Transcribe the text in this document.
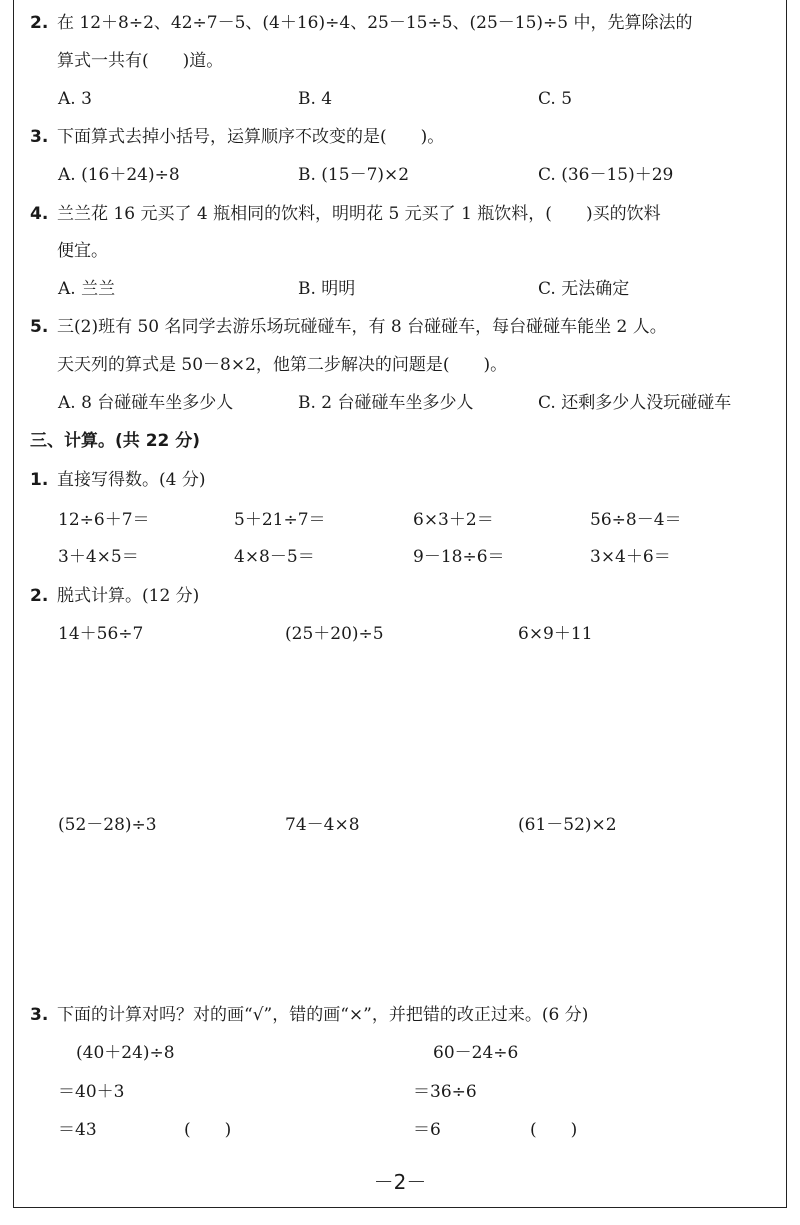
2. 在 12＋8÷2、42÷7－5、(4＋16)÷4、25－15÷5、(25－15)÷5 中，先算除法的
算式一共有(　　)道。
A. 3	B. 4	C. 5
3. 下面算式去掉小括号，运算顺序不改变的是(　　)。
A. (16＋24)÷8	B. (15－7)×2	C. (36－15)＋29
4. 兰兰花 16 元买了 4 瓶相同的饮料，明明花 5 元买了 1 瓶饮料，(　　)买的饮料
便宜。
A. 兰兰	B. 明明	C. 无法确定
5. 三(2)班有 50 名同学去游乐场玩碰碰车，有 8 台碰碰车，每台碰碰车能坐 2 人。
天天列的算式是 50－8×2，他第二步解决的问题是(　　)。
A. 8 台碰碰车坐多少人	B. 2 台碰碰车坐多少人	C. 还剩多少人没玩碰碰车
三、计算。(共 22 分)
1. 直接写得数。(4 分)
12÷6＋7＝	5＋21÷7＝	6×3＋2＝	56÷8－4＝
3＋4×5＝	4×8－5＝	9－18÷6＝	3×4＋6＝
2. 脱式计算。(12 分)
14＋56÷7	(25＋20)÷5	6×9＋11
(52－28)÷3	74－4×8	(61－52)×2
3. 下面的计算对吗？对的画“√”，错的画“×”，并把错的改正过来。(6 分)
(40＋24)÷8
＝40＋3
＝43	(　　)
60－24÷6
＝36÷6
＝6	(　　)
－2－
